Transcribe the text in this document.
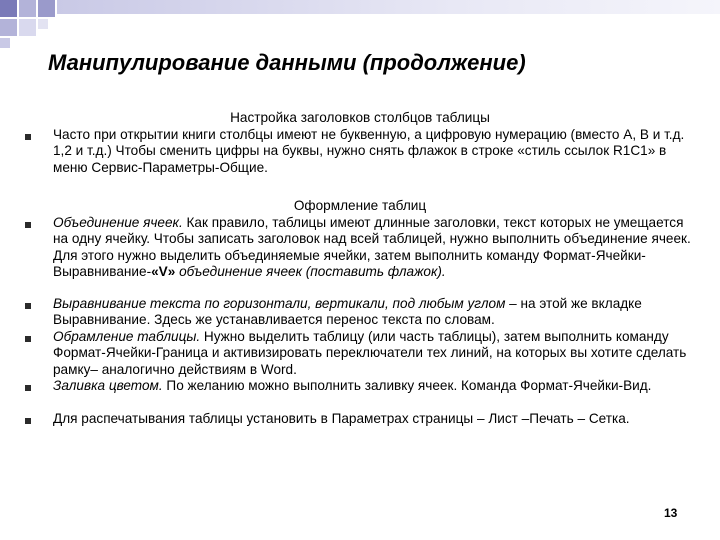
Манипулирование данными (продолжение)
Настройка заголовков столбцов таблицы
Часто при открытии книги столбцы имеют не буквенную, а цифровую нумерацию (вместо А, В и т.д. 1,2 и т.д.) Чтобы сменить цифры на буквы, нужно снять флажок в строке «стиль ссылок R1C1» в меню Сервис-Параметры-Общие.
Оформление таблиц
Объединение ячеек. Как правило, таблицы имеют длинные заголовки, текст которых не умещается на одну ячейку. Чтобы записать заголовок над всей таблицей, нужно выполнить объединение ячеек. Для этого нужно выделить объединяемые ячейки, затем выполнить команду Формат-Ячейки-Выравнивание-«V» объединение ячеек (поставить флажок).
Выравнивание текста по горизонтали, вертикали, под любым углом – на этой же вкладке Выравнивание. Здесь же устанавливается перенос текста по словам.
Обрамление таблицы. Нужно выделить таблицу (или часть таблицы), затем выполнить команду Формат-Ячейки-Граница и активизировать переключатели тех линий, на которых вы хотите сделать рамку– аналогично действиям в Word.
Заливка цветом. По желанию можно выполнить заливку ячеек. Команда Формат-Ячейки-Вид.
Для распечатывания таблицы установить в Параметрах страницы – Лист –Печать – Сетка.
13
